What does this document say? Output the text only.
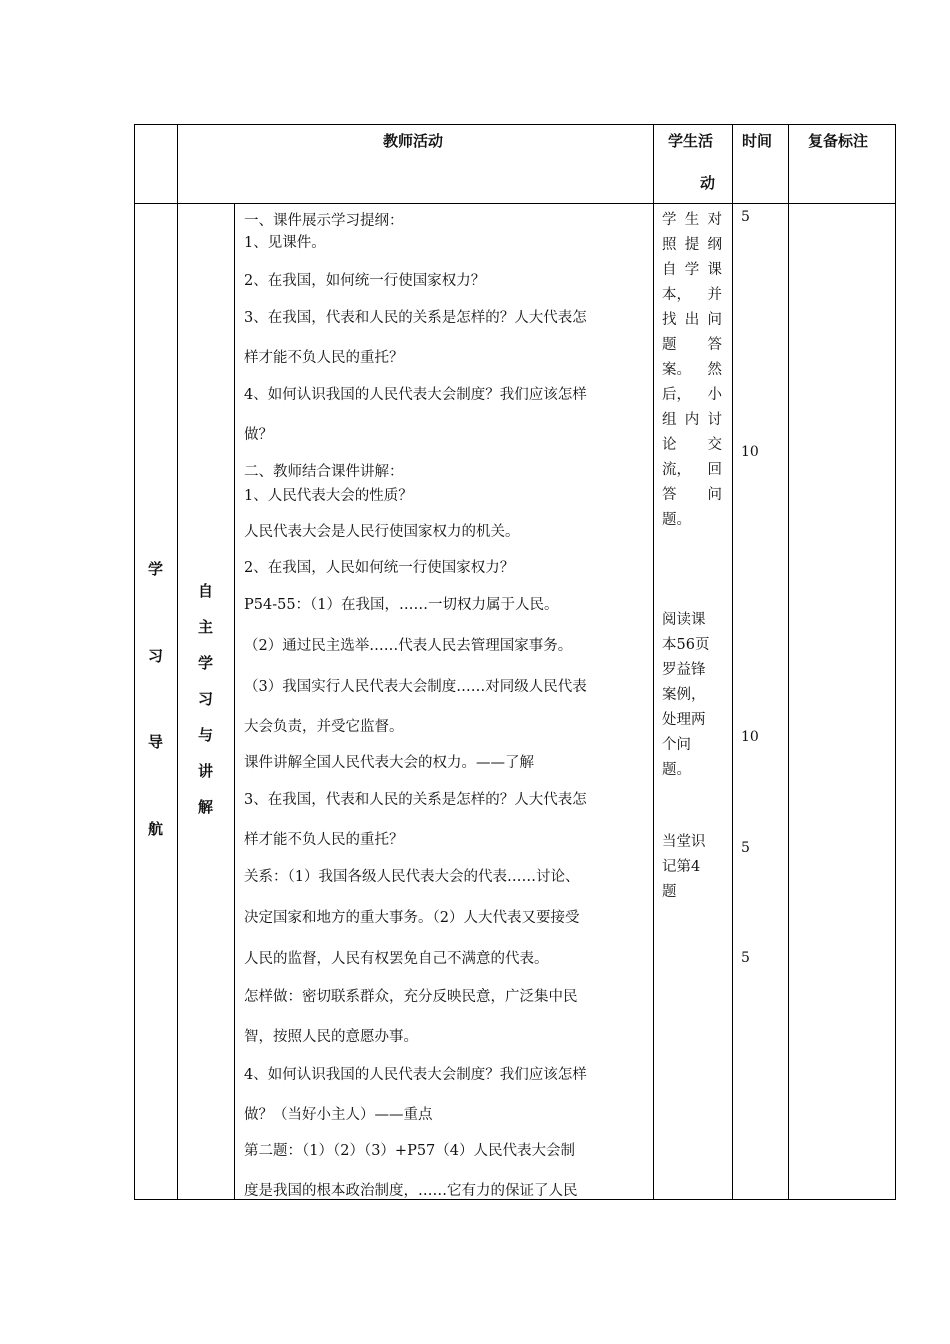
教师活动	学生活
动
时间 复备标注
学
习
导
航
自
主
学
习
与
讲
解
一、课件展示学习提纲：
1、见课件。
2、在我国，如何统一行使国家权力？
3、在我国，代表和人民的关系是怎样的？人大代表怎
样才能不负人民的重托？
4、如何认识我国的人民代表大会制度？我们应该怎样
做？
二、教师结合课件讲解：
1、人民代表大会的性质？
人民代表大会是人民行使国家权力的机关。
2、在我国，人民如何统一行使国家权力？
P54-55：（1）在我国，……一切权力属于人民。
（2）通过民主选举……代表人民去管理国家事务。
（3）我国实行人民代表大会制度……对同级人民代表
大会负责，并受它监督。
课件讲解全国人民代表大会的权力。——了解
3、在我国，代表和人民的关系是怎样的？人大代表怎
样才能不负人民的重托？
关系：（1）我国各级人民代表大会的代表……讨论、
决定国家和地方的重大事务。（2）人大代表又要接受
人民的监督，人民有权罢免自己不满意的代表。
怎样做：密切联系群众，充分反映民意，广泛集中民
智，按照人民的意愿办事。
4、如何认识我国的人民代表大会制度？我们应该怎样
做？（当好小主人）——重点
第二题：（1）（2）（3）+P57（4）人民代表大会制
度是我国的根本政治制度，……它有力的保证了人民
学 生 对
照 提 纲
自 学 课
本， 并
找 出 问
题 答
案。 然
后， 小
组 内 讨
论 交
流， 回
答 问
题。
阅读课
本56页
罗益锋
案例，
处理两
个问
题。
当堂识
记第4
题
5
10
10
5
5
